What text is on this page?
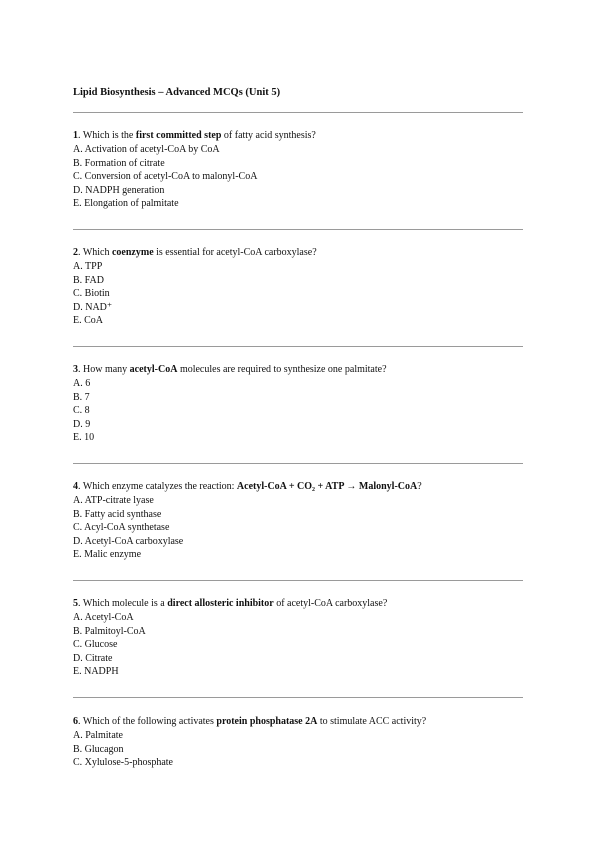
Lipid Biosynthesis – Advanced MCQs (Unit 5)
1. Which is the first committed step of fatty acid synthesis?
A. Activation of acetyl-CoA by CoA
B. Formation of citrate
C. Conversion of acetyl-CoA to malonyl-CoA
D. NADPH generation
E. Elongation of palmitate
2. Which coenzyme is essential for acetyl-CoA carboxylase?
A. TPP
B. FAD
C. Biotin
D. NAD⁺
E. CoA
3. How many acetyl-CoA molecules are required to synthesize one palmitate?
A. 6
B. 7
C. 8
D. 9
E. 10
4. Which enzyme catalyzes the reaction: Acetyl-CoA + CO₂ + ATP → Malonyl-CoA?
A. ATP-citrate lyase
B. Fatty acid synthase
C. Acyl-CoA synthetase
D. Acetyl-CoA carboxylase
E. Malic enzyme
5. Which molecule is a direct allosteric inhibitor of acetyl-CoA carboxylase?
A. Acetyl-CoA
B. Palmitoyl-CoA
C. Glucose
D. Citrate
E. NADPH
6. Which of the following activates protein phosphatase 2A to stimulate ACC activity?
A. Palmitate
B. Glucagon
C. Xylulose-5-phosphate
